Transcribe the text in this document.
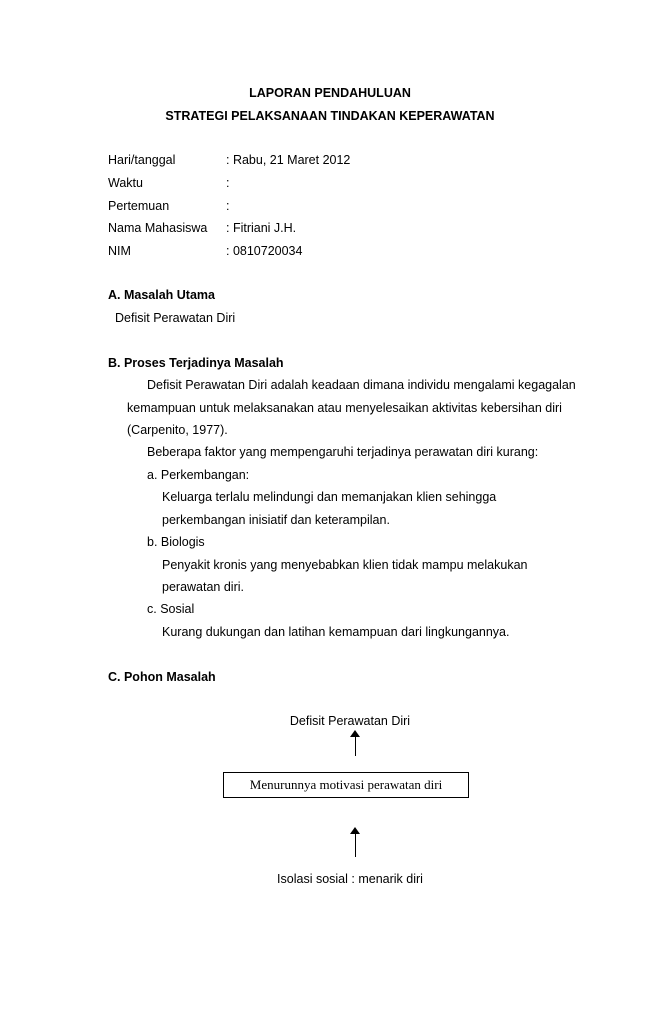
LAPORAN PENDAHULUAN
STRATEGI PELAKSANAAN TINDAKAN KEPERAWATAN
Hari/tanggal	: Rabu, 21 Maret 2012
Waktu	:
Pertemuan	:
Nama Mahasiswa : Fitriani J.H.
NIM	: 0810720034
A. Masalah Utama
Defisit Perawatan Diri
B. Proses Terjadinya Masalah
Defisit Perawatan Diri adalah keadaan dimana individu mengalami kegagalan
kemampuan untuk melaksanakan atau menyelesaikan aktivitas kebersihan diri
(Carpenito, 1977).
Beberapa faktor yang mempengaruhi terjadinya perawatan diri kurang:
a. Perkembangan:
Keluarga terlalu melindungi dan memanjakan klien sehingga
perkembangan inisiatif dan keterampilan.
b. Biologis
Penyakit kronis yang menyebabkan klien tidak mampu melakukan
perawatan diri.
c. Sosial
Kurang dukungan dan latihan kemampuan dari lingkungannya.
C. Pohon Masalah
Defisit Perawatan Diri
Menurunnya motivasi perawatan diri
Isolasi sosial : menarik diri
